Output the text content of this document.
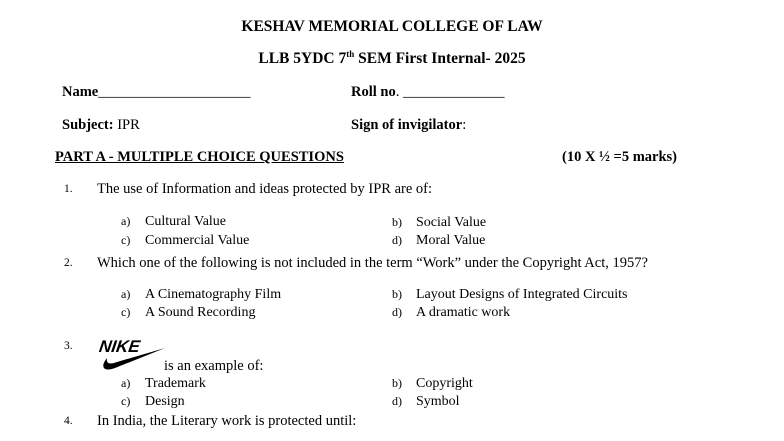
KESHAV MEMORIAL COLLEGE OF LAW
LLB 5YDC 7th SEM First Internal- 2025
Name_____________________	Roll no. ______________
Subject: IPR	Sign of invigilator:
PART A - MULTIPLE CHOICE QUESTIONS	(10 X ½ =5 marks)
1. The use of Information and ideas protected by IPR are of:
a) Cultural Value	b) Social Value
c) Commercial Value	d) Moral Value
2. Which one of the following is not included in the term “Work” under the Copyright Act, 1957?
a) A Cinematography Film	b) Layout Designs of Integrated Circuits
c) A Sound Recording	d) A dramatic work
3. NIKE
is an example of:
a) Trademark	b) Copyright
c) Design	d) Symbol
4. In India, the Literary work is protected until:
